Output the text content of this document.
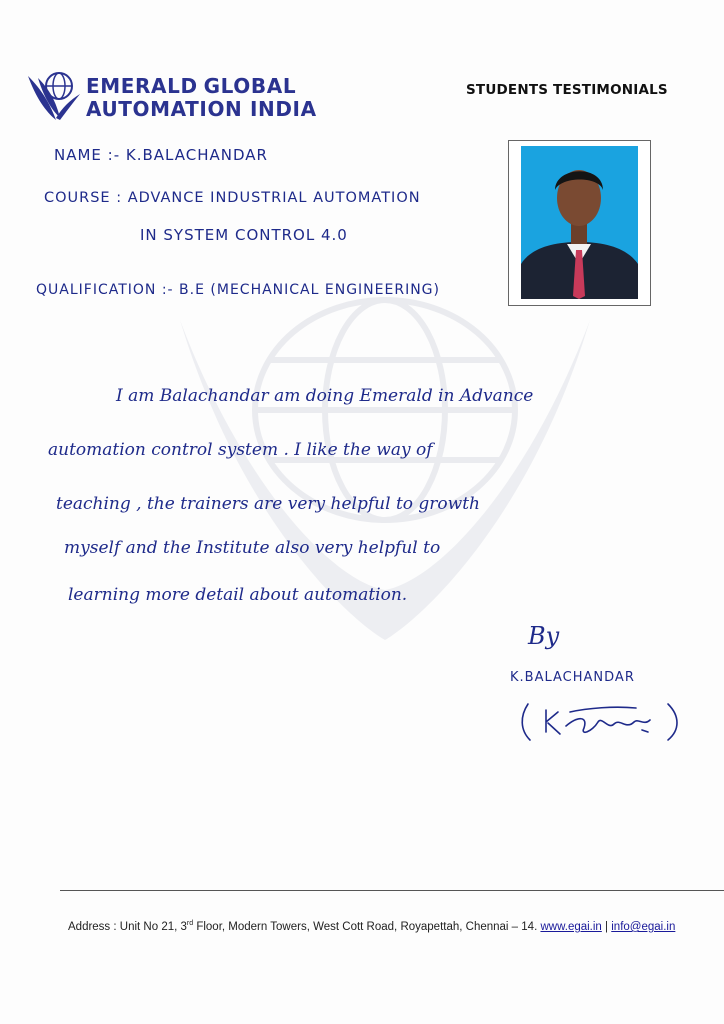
EMERALD GLOBAL
AUTOMATION INDIA
STUDENTS TESTIMONIALS
NAME :- K.BALACHANDAR
COURSE : ADVANCE INDUSTRIAL AUTOMATION
IN SYSTEM CONTROL 4.0
QUALIFICATION :- B.E (MECHANICAL ENGINEERING)
I am Balachandar am doing Emerald in Advance
automation control system . I like the way of
teaching , the trainers are very helpful to growth
myself and the Institute also very helpful to
learning more detail about automation.
By
K.BALACHANDAR
Address : Unit No 21, 3rd Floor, Modern Towers, West Cott Road, Royapettah, Chennai – 14. www.egai.in | info@egai.in
